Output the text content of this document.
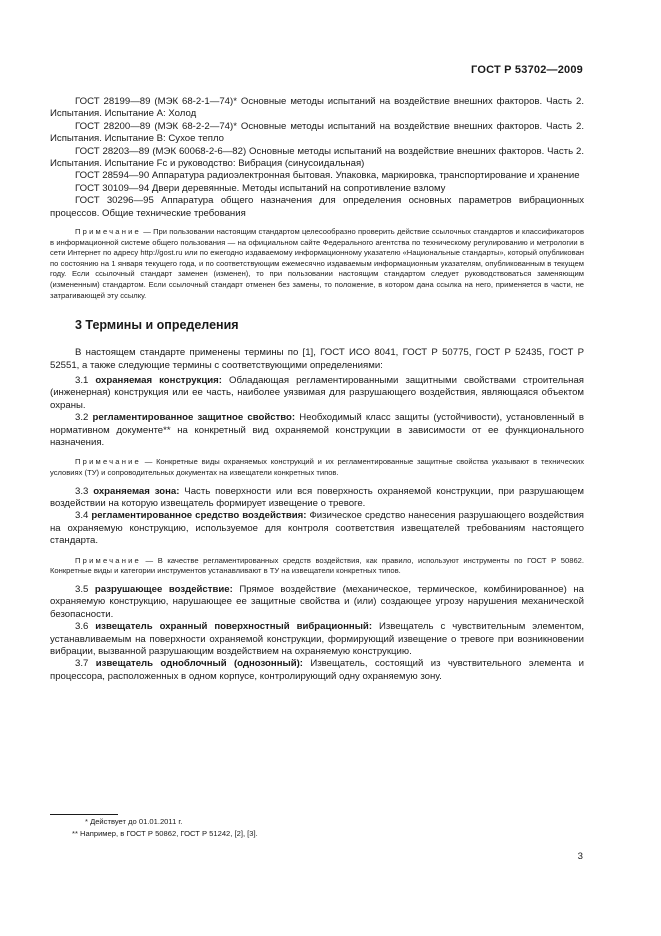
ГОСТ Р 53702—2009

ГОСТ 28199—89 (МЭК 68-2-1—74)* Основные методы испытаний на воздействие внешних факторов. Часть 2. Испытания. Испытание А: Холод

ГОСТ 28200—89 (МЭК 68-2-2—74)* Основные методы испытаний на воздействие внешних факторов. Часть 2. Испытания. Испытание В: Сухое тепло

ГОСТ 28203—89 (МЭК 60068-2-6—82) Основные методы испытаний на воздействие внешних факторов. Часть 2. Испытания. Испытание Fc и руководство: Вибрация (синусоидальная)

ГОСТ 28594—90 Аппаратура радиоэлектронная бытовая. Упаковка, маркировка, транспортирование и хранение

ГОСТ 30109—94 Двери деревянные. Методы испытаний на сопротивление взлому

ГОСТ 30296—95 Аппаратура общего назначения для определения основных параметров вибрационных процессов. Общие технические требования

Примечание — При пользовании настоящим стандартом целесообразно проверить действие ссылочных стандартов и классификаторов в информационной системе общего пользования — на официальном сайте Федерального агентства по техническому регулированию и метрологии в сети Интернет по адресу http://gost.ru или по ежегодно издаваемому информационному указателю «Национальные стандарты», который опубликован по состоянию на 1 января текущего года, и по соответствующим ежемесячно издаваемым информационным указателям, опубликованным в текущем году. Если ссылочный стандарт заменен (изменен), то при пользовании настоящим стандартом следует руководствоваться заменяющим (измененным) стандартом. Если ссылочный стандарт отменен без замены, то положение, в котором дана ссылка на него, применяется в части, не затрагивающей эту ссылку.

3 Термины и определения

В настоящем стандарте применены термины по [1], ГОСТ ИСО 8041, ГОСТ Р 50775, ГОСТ Р 52435, ГОСТ Р 52551, а также следующие термины с соответствующими определениями:

3.1 охраняемая конструкция: Обладающая регламентированными защитными свойствами строительная (инженерная) конструкция или ее часть, наиболее уязвимая для разрушающего воздействия, являющаяся объектом охраны.

3.2 регламентированное защитное свойство: Необходимый класс защиты (устойчивости), установленный в нормативном документе** на конкретный вид охраняемой конструкции в зависимости от ее функционального назначения.

Примечание — Конкретные виды охраняемых конструкций и их регламентированные защитные свойства указывают в технических условиях (ТУ) и сопроводительных документах на извещатели конкретных типов.

3.3 охраняемая зона: Часть поверхности или вся поверхность охраняемой конструкции, при разрушающем воздействии на которую извещатель формирует извещение о тревоге.

3.4 регламентированное средство воздействия: Физическое средство нанесения разрушающего воздействия на охраняемую конструкцию, используемое для контроля соответствия извещателей требованиям настоящего стандарта.

Примечание — В качестве регламентированных средств воздействия, как правило, используют инструменты по ГОСТ Р 50862. Конкретные виды и категории инструментов устанавливают в ТУ на извещатели конкретных типов.

3.5 разрушающее воздействие: Прямое воздействие (механическое, термическое, комбинированное) на охраняемую конструкцию, нарушающее ее защитные свойства и (или) создающее угрозу нарушения механической безопасности.

3.6 извещатель охранный поверхностный вибрационный: Извещатель с чувствительным элементом, устанавливаемым на поверхности охраняемой конструкции, формирующий извещение о тревоге при возникновении вибрации, вызванной разрушающим воздействием на охраняемую конструкцию.

3.7 извещатель одноблочный (однозонный): Извещатель, состоящий из чувствительного элемента и процессора, расположенных в одном корпусе, контролирующий одну охраняемую зону.

* Действует до 01.01.2011 г.
** Например, в ГОСТ Р 50862, ГОСТ Р 51242, [2], [3].
3
